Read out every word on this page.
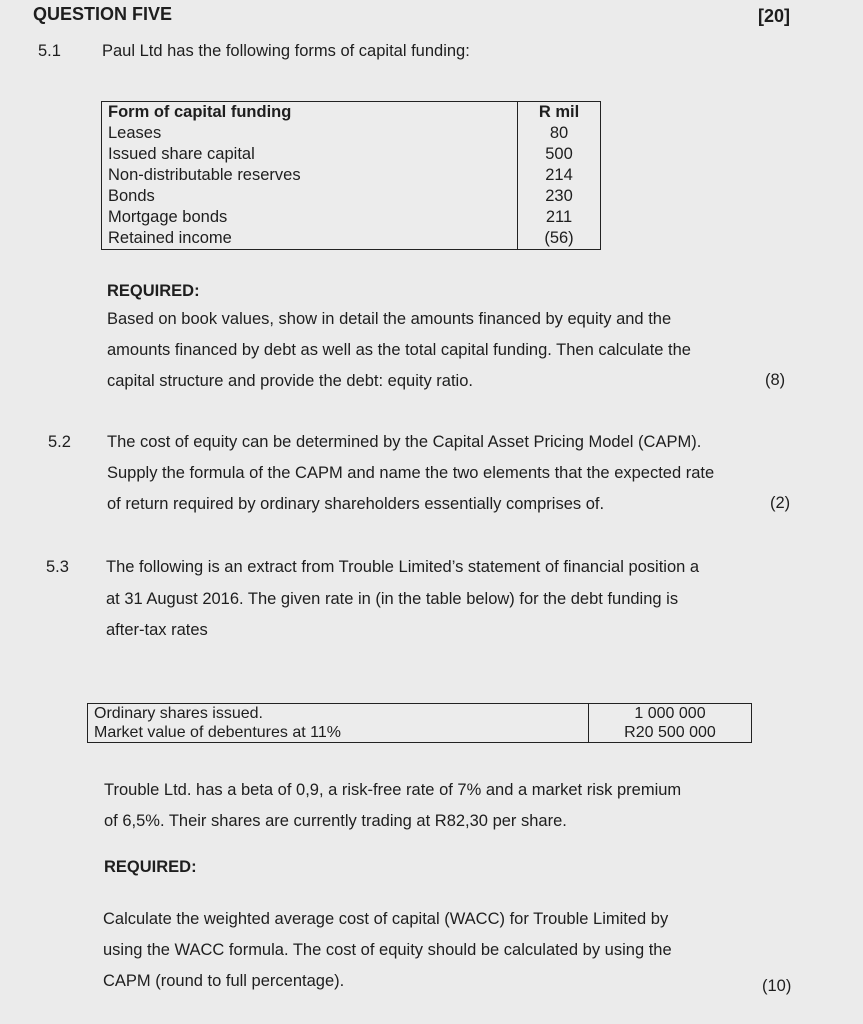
QUESTION FIVE	[20]
5.1 Paul Ltd has the following forms of capital funding:
Form of capital funding	R mil
Leases	80
Issued share capital	500
Non-distributable reserves	214
Bonds	230
Mortgage bonds	211
Retained income	(56)
REQUIRED:
Based on book values, show in detail the amounts financed by equity and the
amounts financed by debt as well as the total capital funding. Then calculate the
capital structure and provide the debt: equity ratio.	(8)
5.2 The cost of equity can be determined by the Capital Asset Pricing Model (CAPM).
Supply the formula of the CAPM and name the two elements that the expected rate
of return required by ordinary shareholders essentially comprises of.	(2)
5.3 The following is an extract from Trouble Limited’s statement of financial position a
at 31 August 2016. The given rate in (in the table below) for the debt funding is
after-tax rates
Ordinary shares issued.	1 000 000
Market value of debentures at 11%	R20 500 000
Trouble Ltd. has a beta of 0,9, a risk-free rate of 7% and a market risk premium
of 6,5%. Their shares are currently trading at R82,30 per share.
REQUIRED:
Calculate the weighted average cost of capital (WACC) for Trouble Limited by
using the WACC formula. The cost of equity should be calculated by using the
CAPM (round to full percentage).	(10)
